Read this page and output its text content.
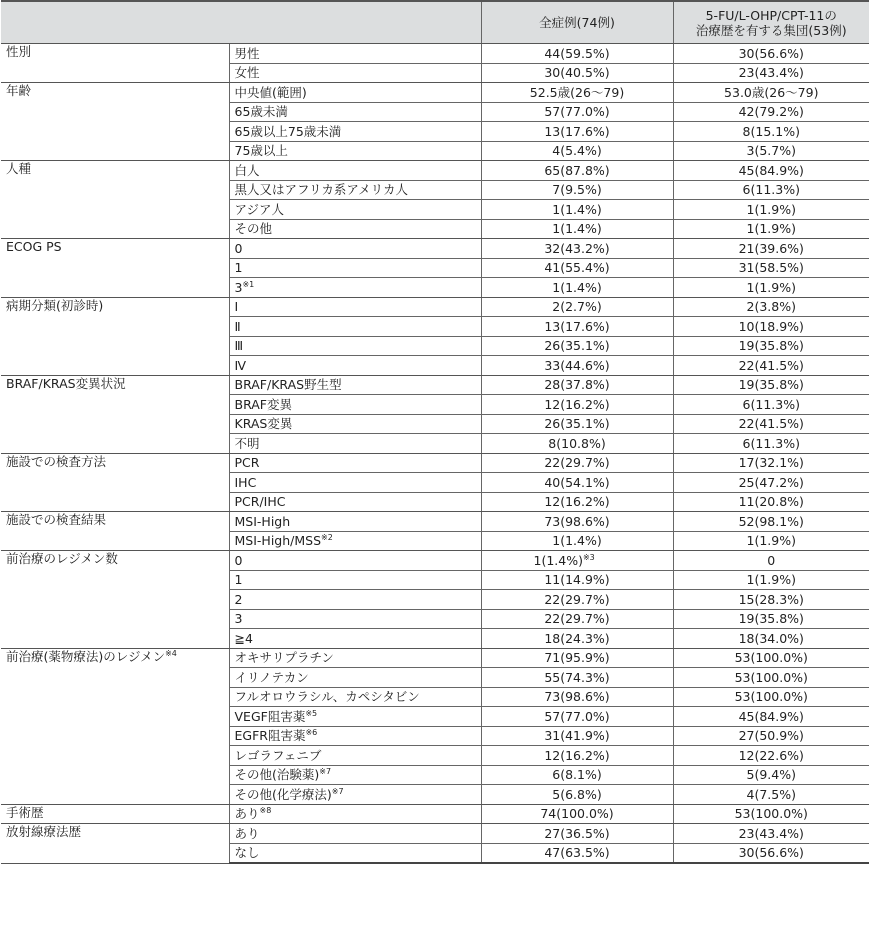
		全症例(74例)	5-FU/L-OHP/CPT-11の
治療歴を有する集団(53例)

性別	男性	44(59.5%)	30(56.6%)
	女性	30(40.5%)	23(43.4%)
年齢	中央値(範囲)	52.5歳(26〜79)	53.0歳(26〜79)
	65歳未満	57(77.0%)	42(79.2%)
	65歳以上75歳未満	13(17.6%)	8(15.1%)
	75歳以上	4(5.4%)	3(5.7%)
人種	白人	65(87.8%)	45(84.9%)
	黒人又はアフリカ系アメリカ人	7(9.5%)	6(11.3%)
	アジア人	1(1.4%)	1(1.9%)
	その他	1(1.4%)	1(1.9%)
ECOG PS	0	32(43.2%)	21(39.6%)
	1	41(55.4%)	31(58.5%)
	3$^{※1}$	1(1.4%)	1(1.9%)
病期分類(初診時)	Ⅰ	2(2.7%)	2(3.8%)
	Ⅱ	13(17.6%)	10(18.9%)
	Ⅲ	26(35.1%)	19(35.8%)
	Ⅳ	33(44.6%)	22(41.5%)
BRAF/KRAS変異状況	BRAF/KRAS野生型	28(37.8%)	19(35.8%)
	BRAF変異	12(16.2%)	6(11.3%)
	KRAS変異	26(35.1%)	22(41.5%)
	不明	8(10.8%)	6(11.3%)
施設での検査方法	PCR	22(29.7%)	17(32.1%)
	IHC	40(54.1%)	25(47.2%)
	PCR/IHC	12(16.2%)	11(20.8%)
施設での検査結果	MSI-High	73(98.6%)	52(98.1%)
	MSI-High/MSS$^{※2}$	1(1.4%)	1(1.9%)
前治療のレジメン数	0	$1(1.4\%)^{※3}$	0
	1	11(14.9%)	1(1.9%)
	2	22(29.7%)	15(28.3%)
	3	22(29.7%)	19(35.8%)
	≧4	18(24.3%)	18(34.0%)
前治療(薬物療法)のレジメン$^{※4}$	オキサリプラチン	71(95.9%)	53(100.0%)
	イリノテカン	55(74.3%)	53(100.0%)
	フルオロウラシル、カペシタビン	73(98.6%)	53(100.0%)
	VEGF阻害薬$^{※5}$	57(77.0%)	45(84.9%)
	EGFR阻害薬$^{※6}$	31(41.9%)	27(50.9%)
	レゴラフェニブ	12(16.2%)	12(22.6%)
	その他(治験薬)$^{※7}$	6(8.1%)	5(9.4%)
	その他(化学療法)$^{※7}$	5(6.8%)	4(7.5%)
手術歴	あり$^{※8}$	74(100.0%)	53(100.0%)
放射線療法歴	あり	27(36.5%)	23(43.4%)
	なし	47(63.5%)	30(56.6%)
